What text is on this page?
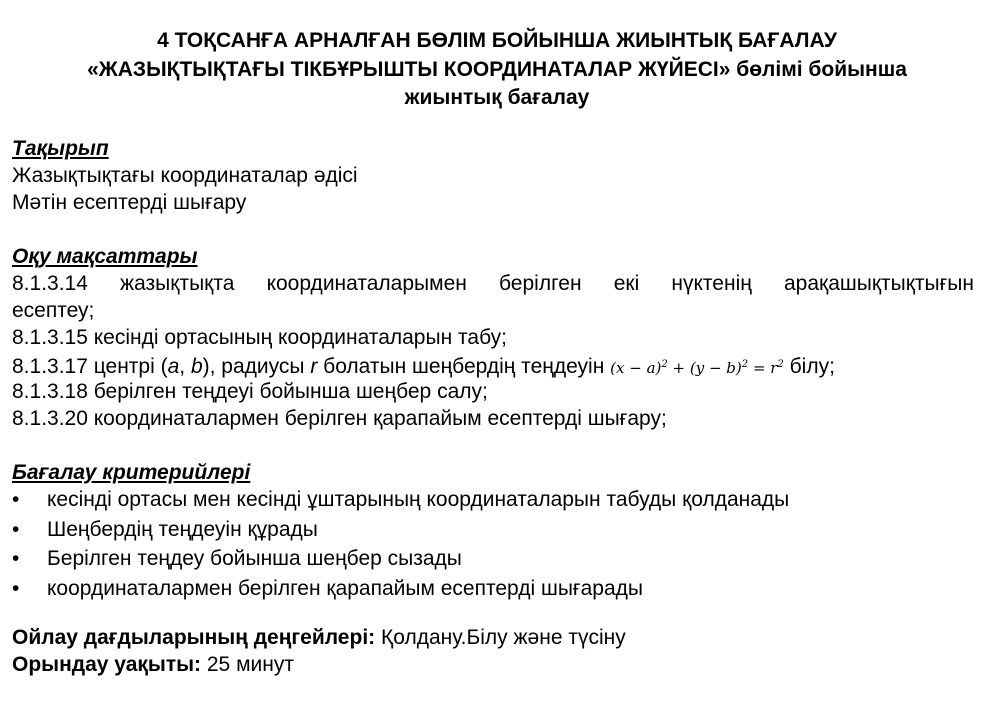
4 ТОҚСАНҒА АРНАЛҒАН БӨЛІМ БОЙЫНША ЖИЫНТЫҚ БАҒАЛАУ
«ЖАЗЫҚТЫҚТАҒЫ ТІКБҰРЫШТЫ КООРДИНАТАЛАР ЖҮЙЕСІ» бөлімі бойынша
жиынтық бағалау
Тақырып
Жазықтықтағы координаталар әдісі
Мәтін есептерді шығару
Оқу мақсаттары
8.1.3.14 жазықтықта координаталарымен берілген екі нүктенің арақашықтықтығын
есептеу;
8.1.3.15 кесінді ортасының координаталарын табу;
8.1.3.17 центрі (a, b), радиусы r болатын шеңбердің теңдеуін $(x - a)^2 + (y - b)^2 = r^2$ білу;
8.1.3.18 берілген теңдеуі бойынша шеңбер салу;
8.1.3.20 координаталармен берілген қарапайым есептерді шығару;
Бағалау критерийлері
•	кесінді ортасы мен кесінді ұштарының координаталарын табуды қолданады
•	Шеңбердің теңдеуін құрады
•	Берілген теңдеу бойынша шеңбер сызады
•	координаталармен берілген қарапайым есептерді шығарады
Ойлау дағдыларының деңгейлері: Қолдану.Білу және түсіну
Орындау уақыты: 25 минут
